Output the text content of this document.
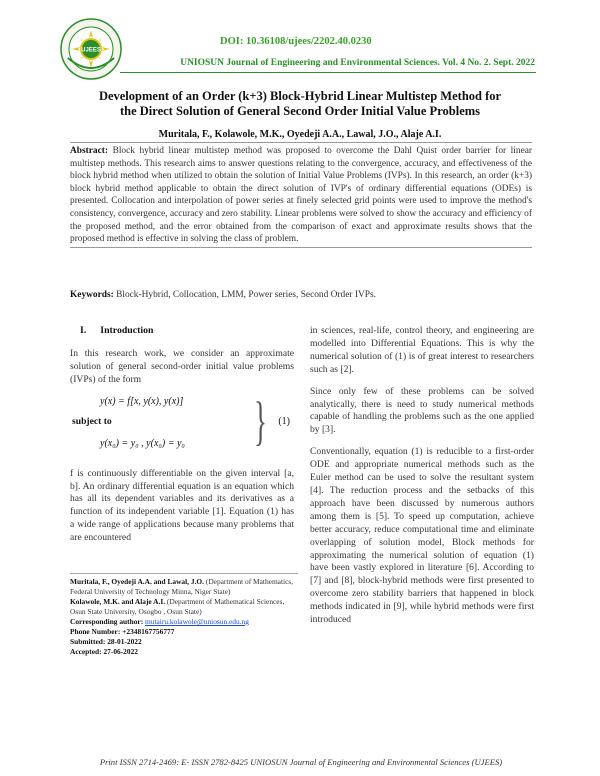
UJEES
DOI: 10.36108/ujees/2202.40.0230
UNIOSUN Journal of Engineering and Environmental Sciences. Vol. 4 No. 2. Sept. 2022
Development of an Order (k+3) Block-Hybrid Linear Multistep Method for
the Direct Solution of General Second Order Initial Value Problems
Muritala, F., Kolawole, M.K., Oyedeji A.A., Lawal, J.O., Alaje A.I.
Abstract: Block hybrid linear multistep method was proposed to overcome the Dahl Quist order barrier for linear multistep methods. This research aims to answer questions relating to the convergence, accuracy, and effectiveness of the block hybrid method when utilized to obtain the solution of Initial Value Problems (IVPs). In this research, an order (k+3) block hybrid method applicable to obtain the direct solution of IVP's of ordinary differential equations (ODEs) is presented. Collocation and interpolation of power series at finely selected grid points were used to improve the method's consistency, convergence, accuracy and zero stability. Linear problems were solved to show the accuracy and efficiency of the proposed method, and the error obtained from the comparison of exact and approximate results shows that the proposed method is effective in solving the class of problem.
Keywords: Block-Hybrid, Collocation, LMM, Power series, Second Order IVPs.

I. Introduction

In this research work, we consider an approximate solution of general second-order initial value problems (IVPs) of the form

y(x) = f[x, y(x), y(x)]
subject to
y(x₀) = y₀ , y(x₀) = y₀ } (1)

f is continuously differentiable on the given interval [a, b]. An ordinary differential equation is an equation which has all its dependent variables and its derivatives as a function of its independent variable [1]. Equation (1) has a wide range of applications because many problems that are encountered

in sciences, real-life, control theory, and engineering are modelled into Differential Equations. This is why the numerical solution of (1) is of great interest to researchers such as [2].

Since only few of these problems can be solved analytically, there is need to study numerical methods capable of handling the problems such as the one applied by [3].

Conventionally, equation (1) is reducible to a first-order ODE and appropriate numerical methods such as the Euler method can be used to solve the resultant system [4]. The reduction process and the setbacks of this approach have been discussed by numerous authors among them is [5]. To speed up computation, achieve better accuracy, reduce computational time and eliminate overlapping of solution model, Block methods for approximating the numerical solution of equation (1) have been vastly explored in literature [6]. According to [7] and [8], block-hybrid methods were first presented to overcome zero stability barriers that happened in block methods indicated in [9], while hybrid methods were first introduced

Muritala, F., Oyedeji A.A. and Lawal, J.O. (Department of Mathematics, Federal University of Technology Minna, Niger State)
Kolawole, M.K. and Alaje A.I. (Department of Mathematical Sciences, Osun State University, Osogbo , Osun State)
Corresponding author: mutairu.kolawole@uniosun.edu.ng
Phone Number: +2348167756777
Submitted: 28-01-2022
Accepted: 27-06-2022
Print ISSN 2714-2469: E- ISSN 2782-8425 UNIOSUN Journal of Engineering and Environmental Sciences (UJEES)
